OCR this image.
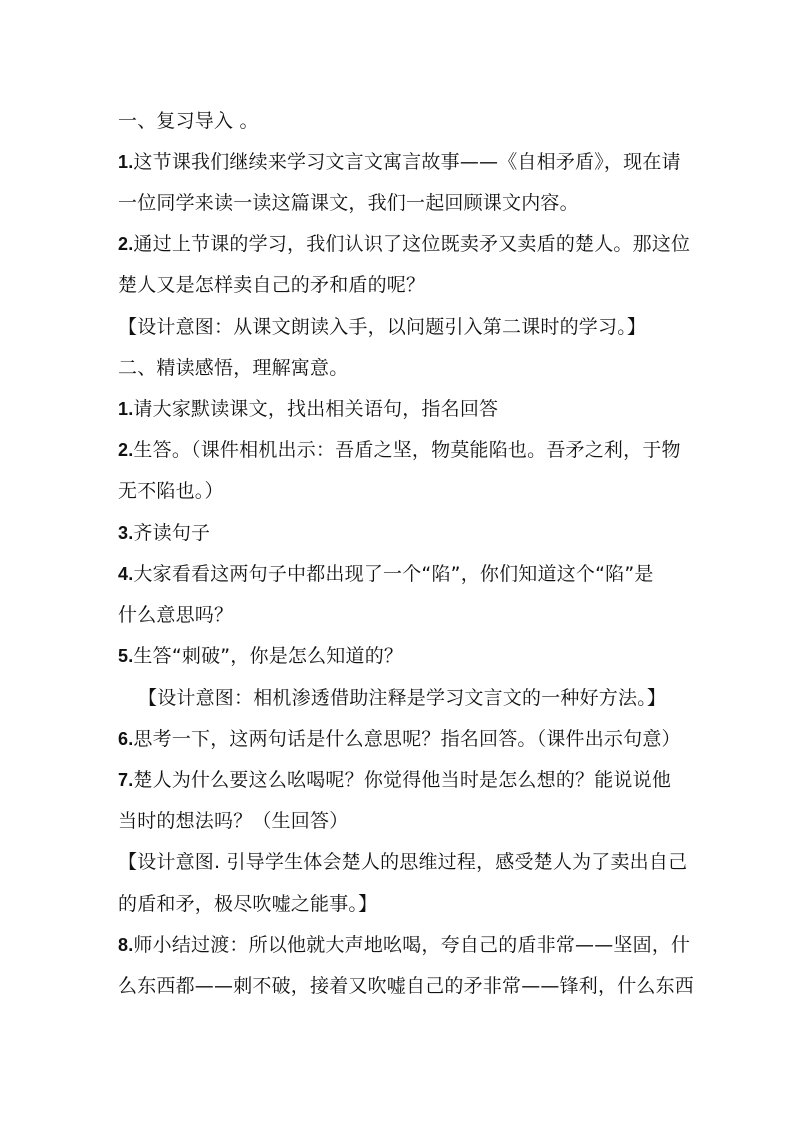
一、复习导入 。
1.这节课我们继续来学习文言文寓言故事——《自相矛盾》，现在请
一位同学来读一读这篇课文，我们一起回顾课文内容。
2.通过上节课的学习，我们认识了这位既卖矛又卖盾的楚人。那这位
楚人又是怎样卖自己的矛和盾的呢？
【设计意图：从课文朗读入手，以问题引入第二课时的学习。】
二、精读感悟，理解寓意。
1.请大家默读课文，找出相关语句，指名回答
2.生答。（课件相机出示：吾盾之坚，物莫能陷也。吾矛之利，于物
无不陷也。）
3.齐读句子
4.大家看看这两句子中都出现了一个“陷”，你们知道这个“陷”是
什么意思吗？
5.生答“刺破”，你是怎么知道的？
【设计意图：相机渗透借助注释是学习文言文的一种好方法。】
6.思考一下，这两句话是什么意思呢？指名回答。（课件出示句意）
7.楚人为什么要这么吆喝呢？你觉得他当时是怎么想的？能说说他
当时的想法吗？（生回答）
【设计意图. 引导学生体会楚人的思维过程，感受楚人为了卖出自己
的盾和矛，极尽吹嘘之能事。】
8.师小结过渡：所以他就大声地吆喝，夸自己的盾非常——坚固，什
么东西都——刺不破，接着又吹嘘自己的矛非常——锋利，什么东西
